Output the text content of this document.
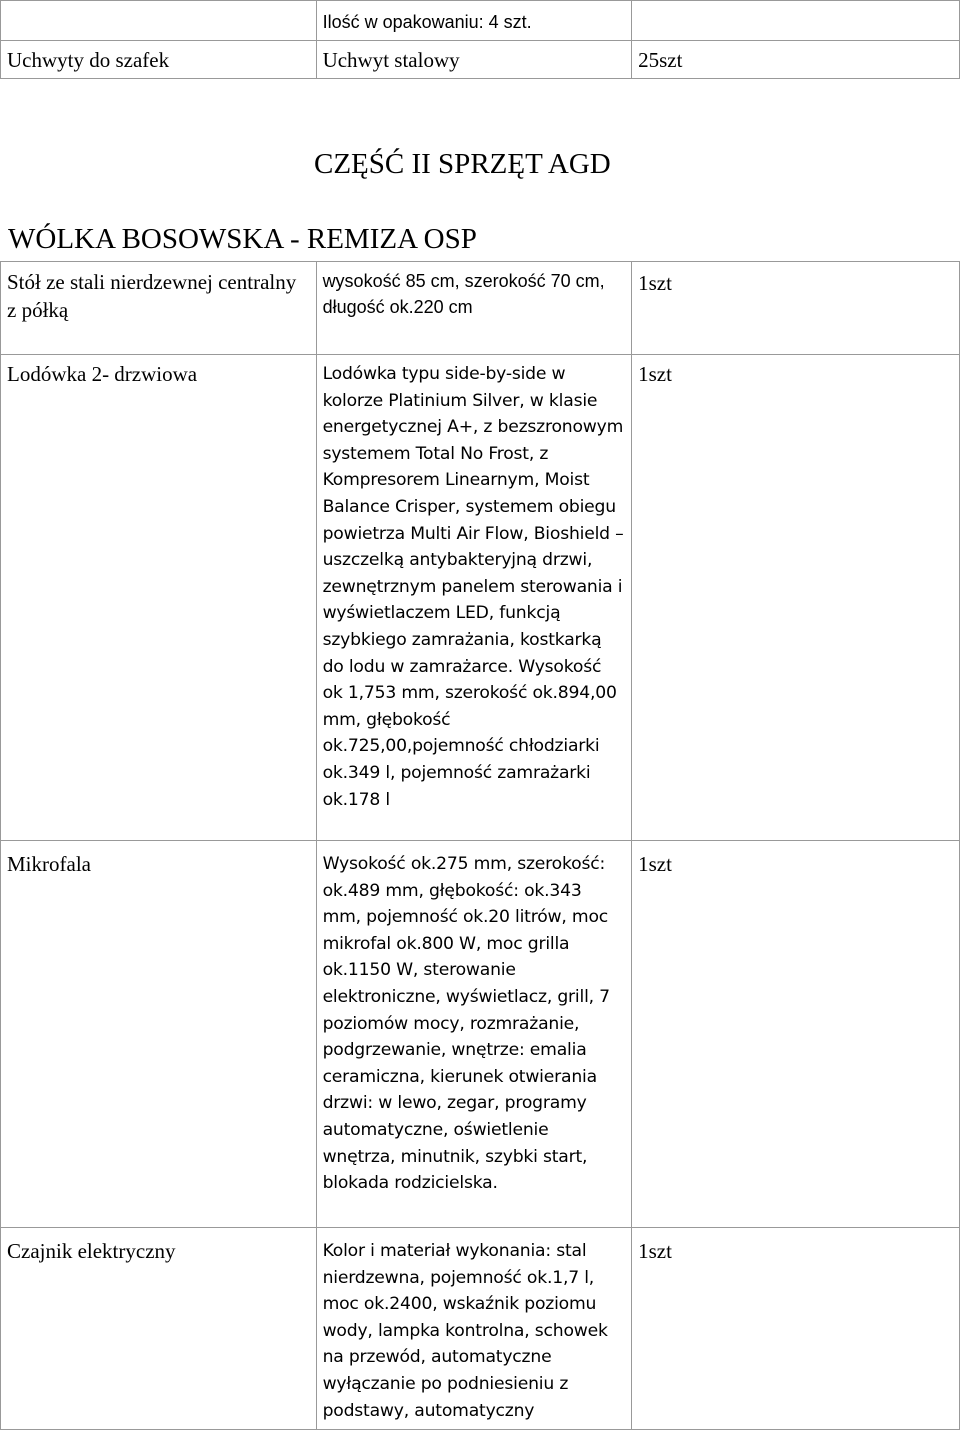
	Ilość w opakowaniu: 4 szt.	
Uchwyty do szafek	Uchwyt stalowy	25szt
CZĘŚĆ II SPRZĘT AGD
WÓLKA BOSOWSKA - REMIZA OSP
Stół ze stali nierdzewnej centralny z półką	wysokość 85 cm, szerokość 70 cm, długość ok.220 cm	1szt
Lodówka 2- drzwiowa	Lodówka typu side-by-side w kolorze Platinium Silver, w klasie energetycznej A+, z bezszronowym systemem Total No Frost, z Kompresorem Linearnym, Moist Balance Crisper, systemem obiegu powietrza Multi Air Flow, Bioshield – uszczelką antybakteryjną drzwi, zewnętrznym panelem sterowania i wyświetlaczem LED, funkcją szybkiego zamrażania, kostkarką do lodu w zamrażarce. Wysokość ok 1,753 mm, szerokość ok.894,00 mm, głębokość ok.725,00,pojemność chłodziarki ok.349 l, pojemność zamrażarki ok.178 l	1szt
Mikrofala	Wysokość ok.275 mm, szerokość: ok.489 mm, głębokość: ok.343 mm, pojemność ok.20 litrów, moc mikrofal ok.800 W, moc grilla ok.1150 W, sterowanie elektroniczne, wyświetlacz, grill, 7 poziomów mocy, rozmrażanie, podgrzewanie, wnętrze: emalia ceramiczna, kierunek otwierania drzwi: w lewo, zegar, programy automatyczne, oświetlenie wnętrza, minutnik, szybki start, blokada rodzicielska.	1szt
Czajnik elektryczny	Kolor i materiał wykonania: stal nierdzewna, pojemność ok.1,7 l, moc ok.2400, wskaźnik poziomu wody, lampka kontrolna, schowek na przewód, automatyczne wyłączanie po podniesieniu z podstawy, automatyczny	1szt
